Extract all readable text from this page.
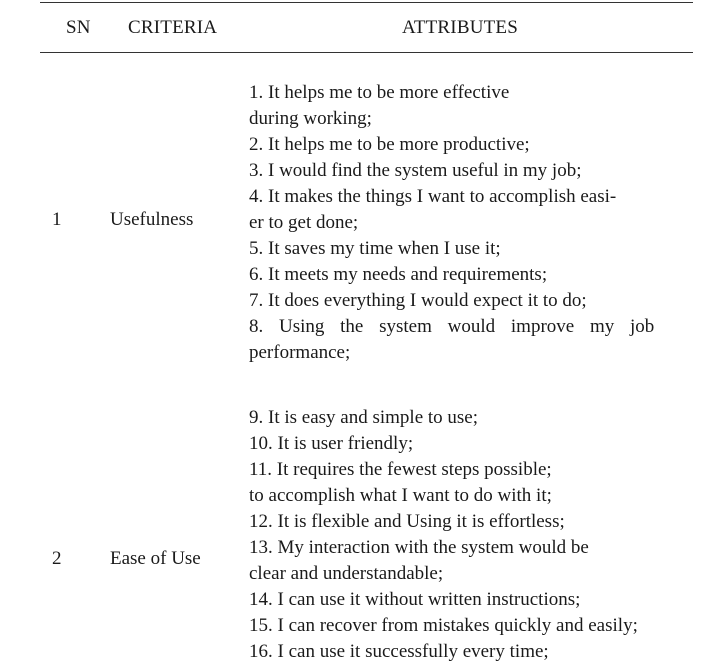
SN CRITERIA	ATTRIBUTES
1	Usefulness
1. It helps me to be more effective
during working;
2. It helps me to be more productive;
3. I would find the system useful in my job;
4. It makes the things I want to accomplish easi-
er to get done;
5. It saves my time when I use it;
6. It meets my needs and requirements;
7. It does everything I would expect it to do;
8. Using the system would improve my job
performance;
2	Ease of Use
9. It is easy and simple to use;
10. It is user friendly;
11. It requires the fewest steps possible;
to accomplish what I want to do with it;
12. It is flexible and Using it is effortless;
13. My interaction with the system would be
clear and understandable;
14. I can use it without written instructions;
15. I can recover from mistakes quickly and easily;
16. I can use it successfully every time;
